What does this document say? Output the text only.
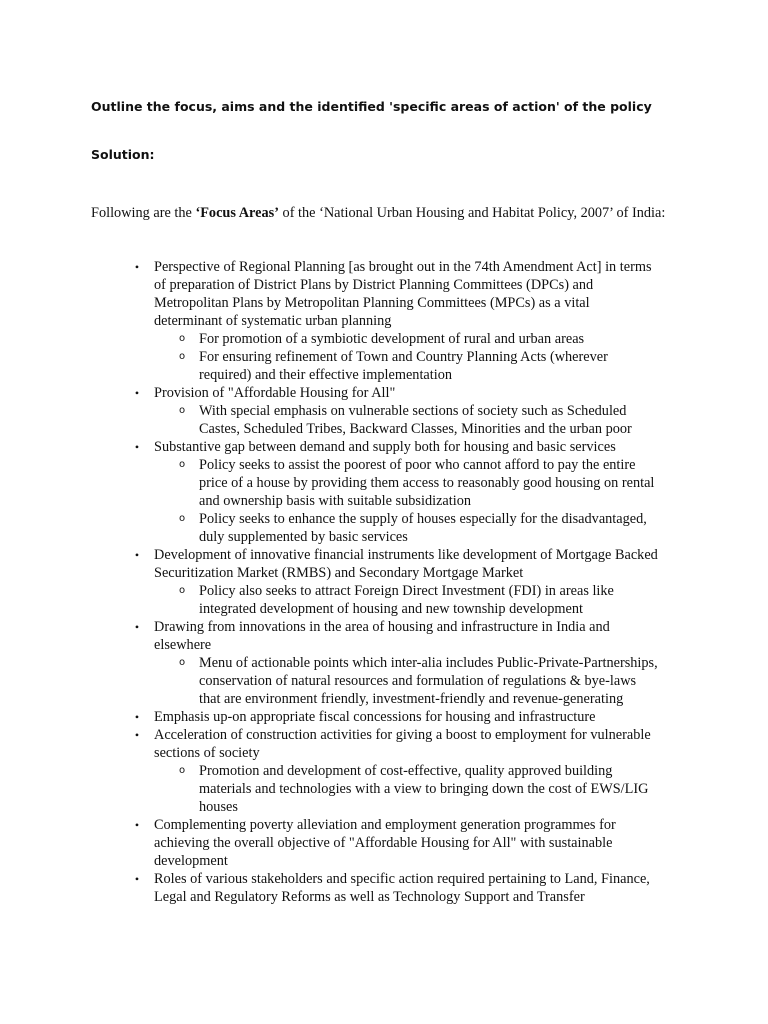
Outline the focus, aims and the identified 'specific areas of action' of the policy

Solution:

Following are the ‘Focus Areas’ of the ‘National Urban Housing and Habitat Policy, 2007’ of India:

• Perspective of Regional Planning [as brought out in the 74th Amendment Act] in terms of preparation of District Plans by District Planning Committees (DPCs) and Metropolitan Plans by Metropolitan Planning Committees (MPCs) as a vital determinant of systematic urban planning
o For promotion of a symbiotic development of rural and urban areas
o For ensuring refinement of Town and Country Planning Acts (wherever required) and their effective implementation
• Provision of "Affordable Housing for All"
o With special emphasis on vulnerable sections of society such as Scheduled Castes, Scheduled Tribes, Backward Classes, Minorities and the urban poor
• Substantive gap between demand and supply both for housing and basic services
o Policy seeks to assist the poorest of poor who cannot afford to pay the entire price of a house by providing them access to reasonably good housing on rental and ownership basis with suitable subsidization
o Policy seeks to enhance the supply of houses especially for the disadvantaged, duly supplemented by basic services
• Development of innovative financial instruments like development of Mortgage Backed Securitization Market (RMBS) and Secondary Mortgage Market
o Policy also seeks to attract Foreign Direct Investment (FDI) in areas like integrated development of housing and new township development
• Drawing from innovations in the area of housing and infrastructure in India and elsewhere
o Menu of actionable points which inter-alia includes Public-Private-Partnerships, conservation of natural resources and formulation of regulations & bye-laws that are environment friendly, investment-friendly and revenue-generating
• Emphasis up-on appropriate fiscal concessions for housing and infrastructure
• Acceleration of construction activities for giving a boost to employment for vulnerable sections of society
o Promotion and development of cost-effective, quality approved building materials and technologies with a view to bringing down the cost of EWS/LIG houses
• Complementing poverty alleviation and employment generation programmes for achieving the overall objective of "Affordable Housing for All" with sustainable development
• Roles of various stakeholders and specific action required pertaining to Land, Finance, Legal and Regulatory Reforms as well as Technology Support and Transfer
